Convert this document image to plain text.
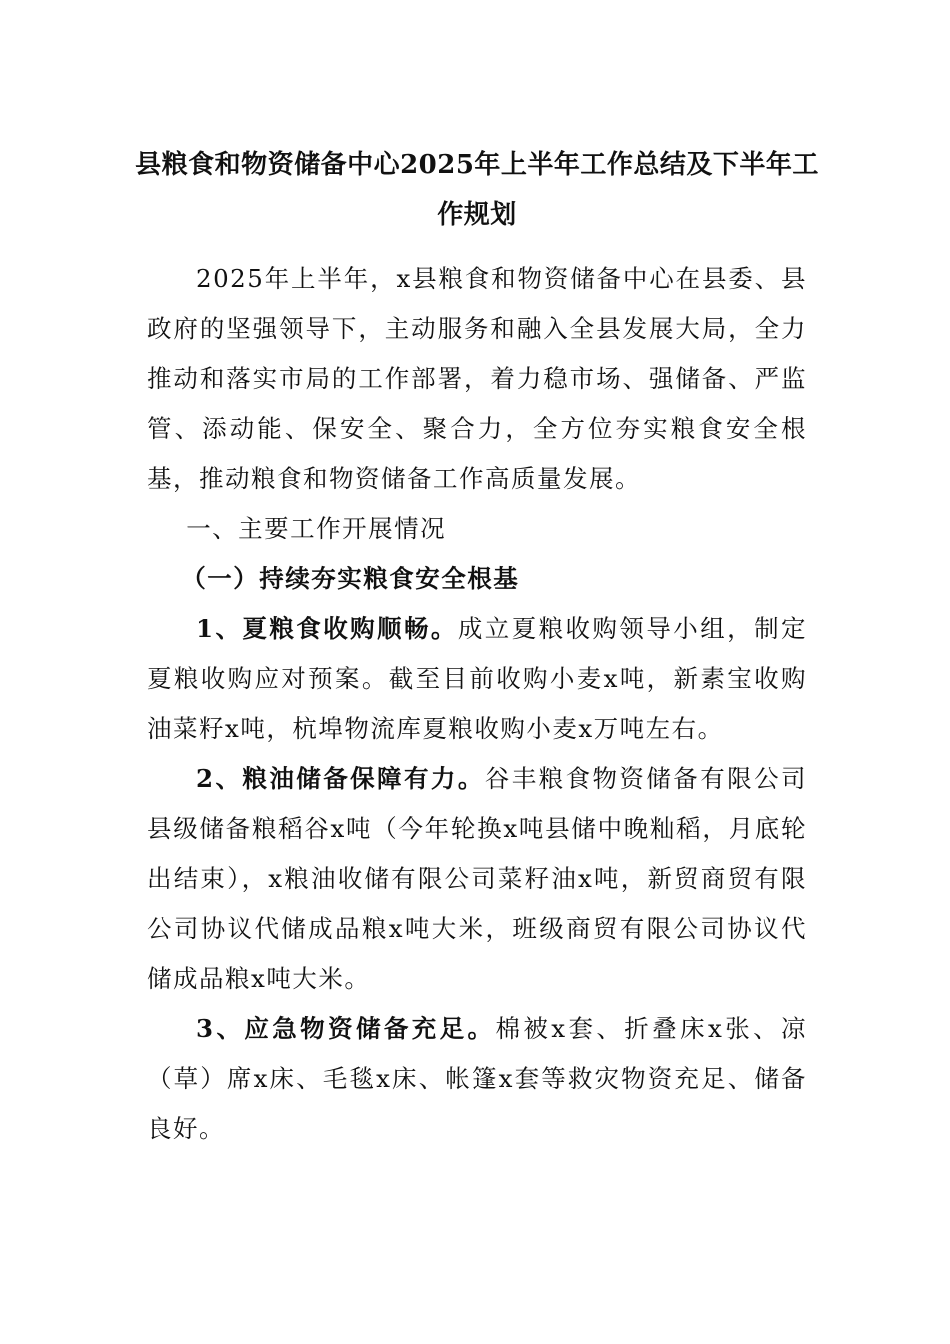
县粮食和物资储备中心2025年上半年工作总结及下半年工作规划

2025年上半年，x县粮食和物资储备中心在县委、县政府的坚强领导下，主动服务和融入全县发展大局，全力推动和落实市局的工作部署，着力稳市场、强储备、严监管、添动能、保安全、聚合力，全方位夯实粮食安全根基，推动粮食和物资储备工作高质量发展。

一、主要工作开展情况

（一）持续夯实粮食安全根基

1、夏粮食收购顺畅。成立夏粮收购领导小组，制定夏粮收购应对预案。截至目前收购小麦x吨，新素宝收购油菜籽x吨，杭埠物流库夏粮收购小麦x万吨左右。

2、粮油储备保障有力。谷丰粮食物资储备有限公司县级储备粮稻谷x吨（今年轮换x吨县储中晚籼稻，月底轮出结束），x粮油收储有限公司菜籽油x吨，新贸商贸有限公司协议代储成品粮x吨大米，班级商贸有限公司协议代储成品粮x吨大米。

3、应急物资储备充足。棉被x套、折叠床x张、凉（草）席x床、毛毯x床、帐篷x套等救灾物资充足、储备良好。
